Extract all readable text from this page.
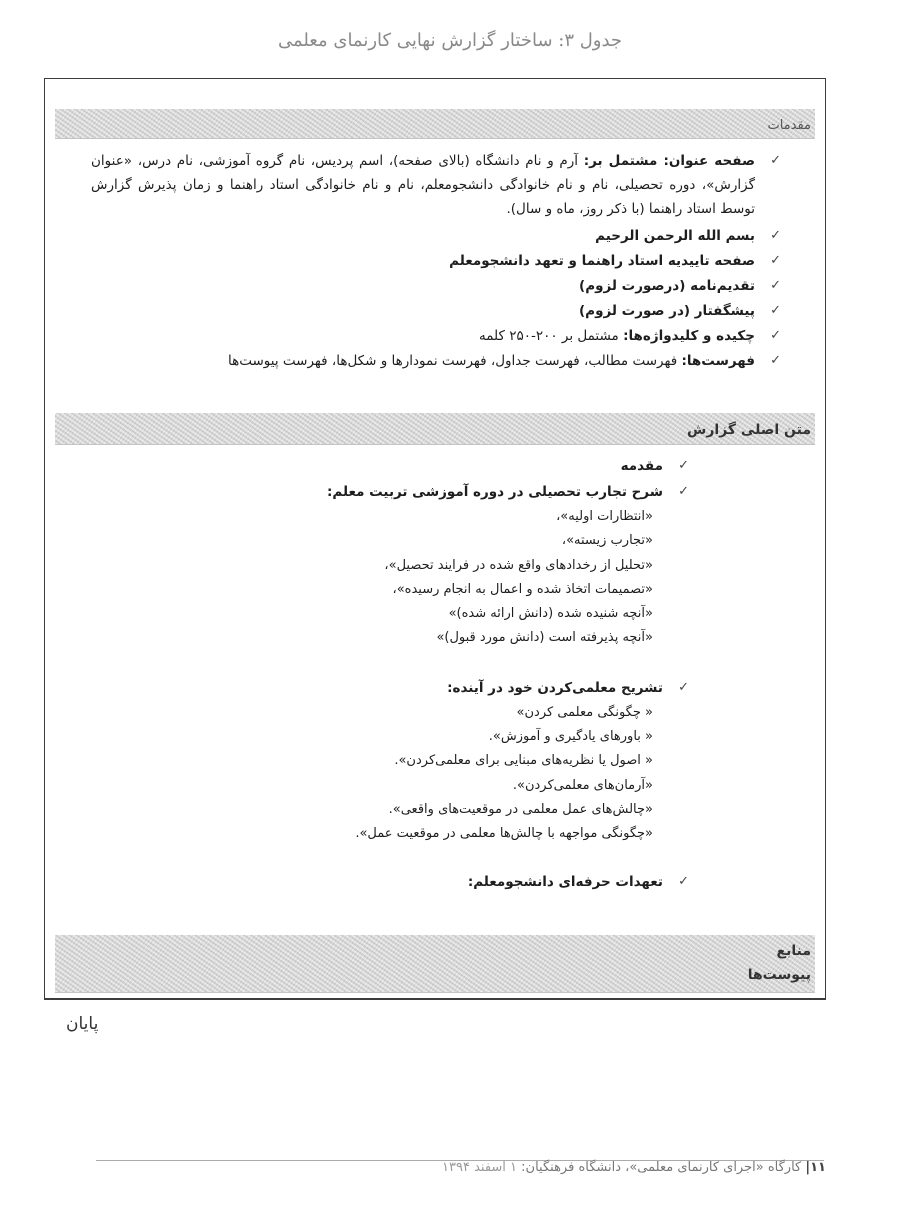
جدول ۳: ساختار گزارش نهایی کارنمای معلمی
مقدمات
✓
صفحه عنوان: مشتمل بر: آرم و نام دانشگاه (بالای صفحه)، اسم پردیس، نام گروه آموزشی، نام درس، «عنوان گزارش»، دوره تحصیلی، نام و نام خانوادگی دانشجومعلم، نام و نام خانوادگی استاد راهنما و زمان پذیرش گزارش توسط استاد راهنما (با ذکر روز، ماه و سال).
✓
بسم الله الرحمن الرحیم
✓
صفحه تاییدیه استاد راهنما و تعهد دانشجومعلم
✓
تقدیم‌نامه (درصورت لزوم)
✓
پیشگفتار (در صورت لزوم)
✓
چکیده و کلیدواژه‌ها: مشتمل بر ۲۰۰-۲۵۰ کلمه
✓
فهرست‌ها: فهرست مطالب، فهرست جداول، فهرست نمودارها و شکل‌ها، فهرست پیوست‌ها
متن اصلی گزارش
✓
مقدمه
✓
شرح تجارب تحصیلی در دوره آموزشی تربیت معلم:
«انتظارات اولیه»،
«تجارب زیسته»،
«تحلیل از رخدادهای واقع شده در فرایند تحصیل»،
«تصمیمات اتخاذ شده و اعمال به انجام رسیده»،
«آنچه شنیده شده (دانش ارائه شده)»
«آنچه پذیرفته است (دانش مورد قبول)»
✓
تشریح معلمی‌کردن خود در آینده:
« چگونگی معلمی کردن»
« باورهای یادگیری و آموزش».
« اصول یا نظریه‌های مبنایی برای معلمی‌کردن».
«آرمان‌های معلمی‌کردن».
«چالش‌های عمل معلمی در موقعیت‌های واقعی».
«چگونگی مواجهه با چالش‌ها معلمی در موقعیت عمل».
✓
تعهدات حرفه‌ای دانشجومعلم:
منابع
پیوست‌ها
پایان
۱۱| کارگاه «اجرای کارنمای معلمی»، دانشگاه فرهنگیان: ۱ اسفند ۱۳۹۴
